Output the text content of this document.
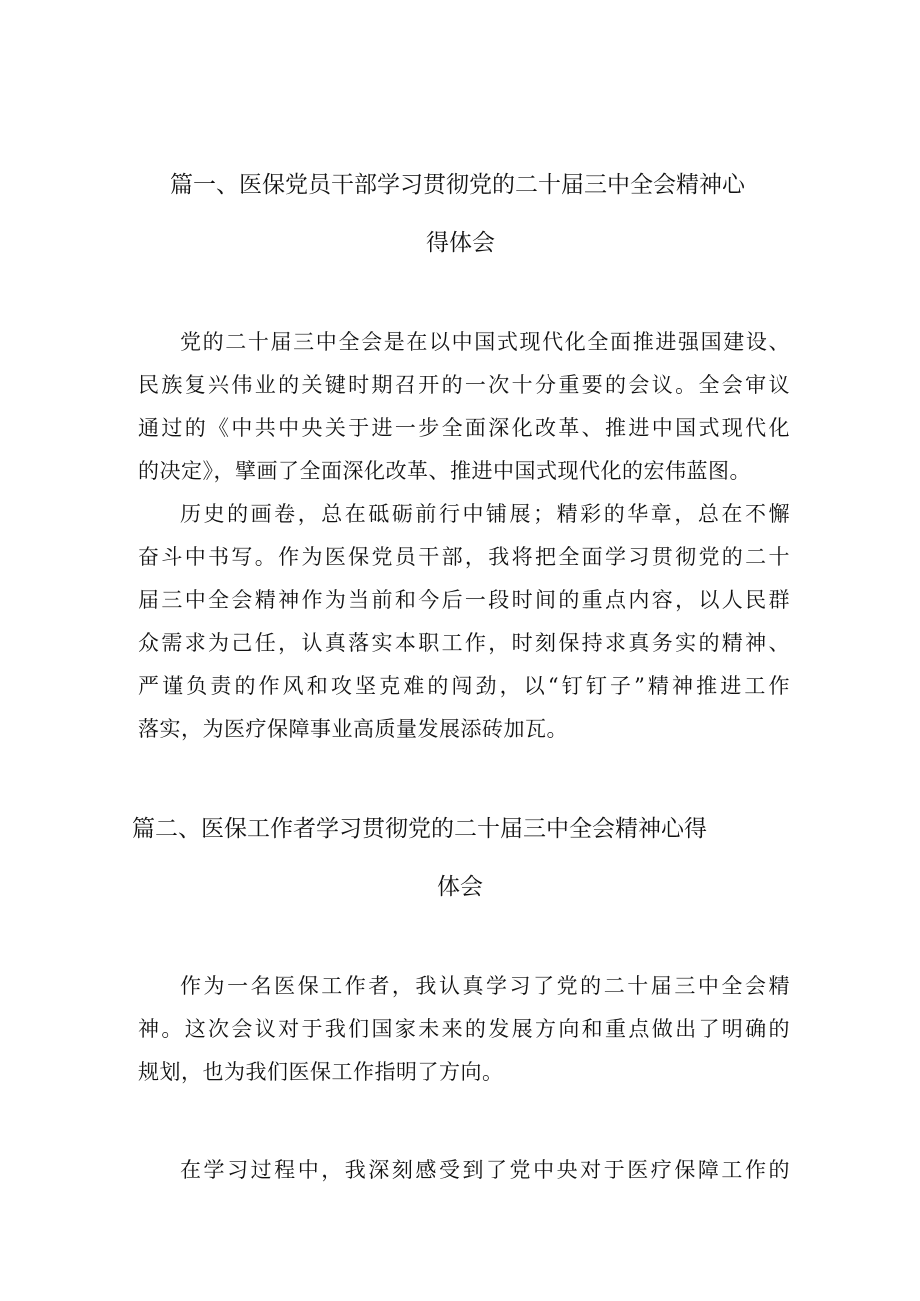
篇一、医保党员干部学习贯彻党的二十届三中全会精神心
得体会

党的二十届三中全会是在以中国式现代化全面推进强国建设、

民族复兴伟业的关键时期召开的一次十分重要的会议。全会审议

通过的《中共中央关于进一步全面深化改革、推进中国式现代化

的决定》，擘画了全面深化改革、推进中国式现代化的宏伟蓝图。

历史的画卷，总在砥砺前行中铺展；精彩的华章，总在不懈

奋斗中书写。作为医保党员干部，我将把全面学习贯彻党的二十

届三中全会精神作为当前和今后一段时间的重点内容，以人民群

众需求为己任，认真落实本职工作，时刻保持求真务实的精神、

严谨负责的作风和攻坚克难的闯劲，以“钉钉子”精神推进工作

落实，为医疗保障事业高质量发展添砖加瓦。

篇二、医保工作者学习贯彻党的二十届三中全会精神心得
体会

作为一名医保工作者，我认真学习了党的二十届三中全会精

神。这次会议对于我们国家未来的发展方向和重点做出了明确的

规划，也为我们医保工作指明了方向。

在学习过程中，我深刻感受到了党中央对于医疗保障工作的
